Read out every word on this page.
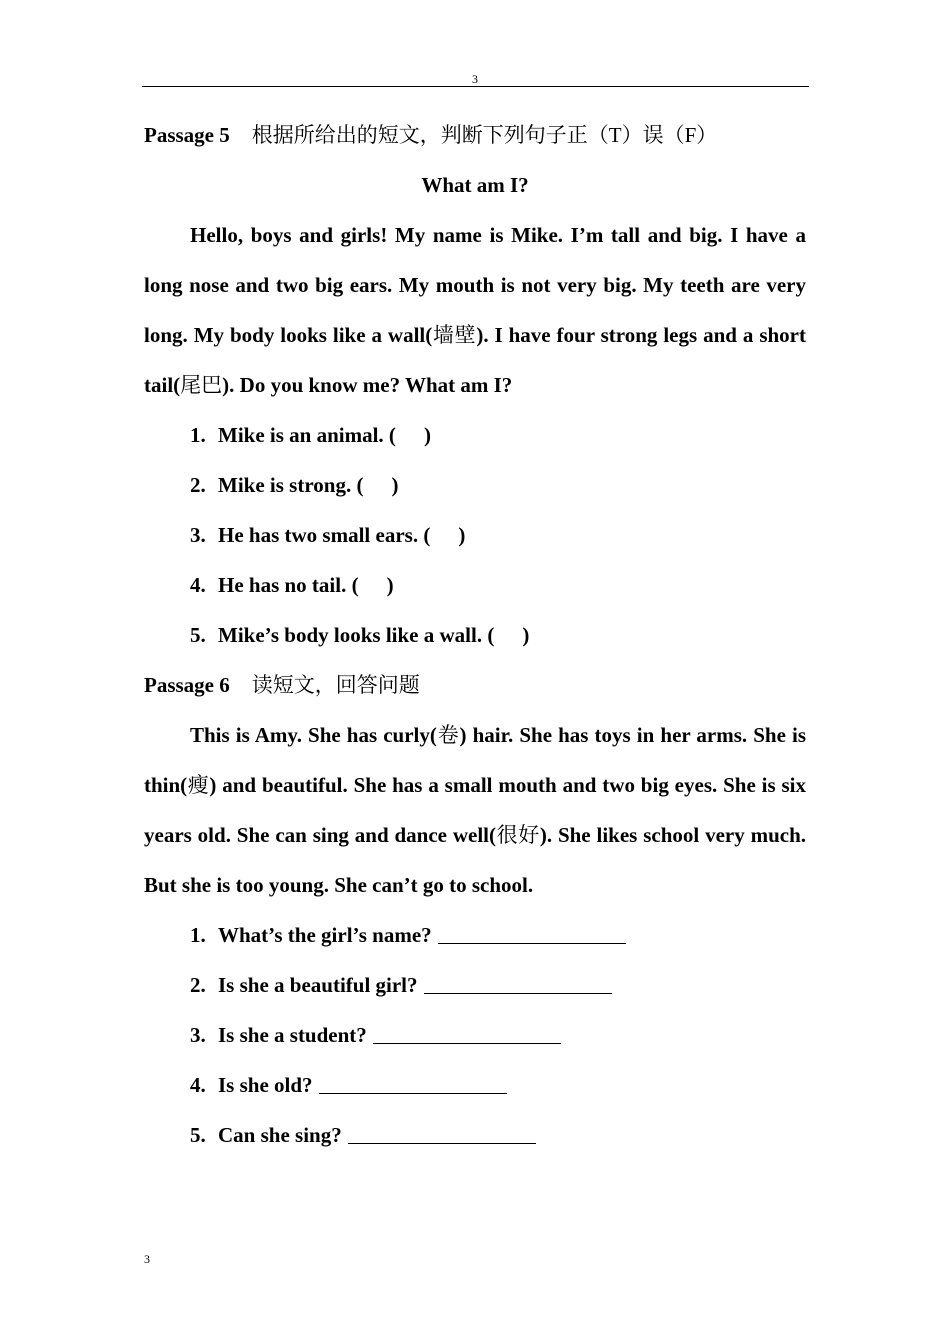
3
Passage 5 根据所给出的短文，判断下列句子正（T）误（F）
What am I?

Hello, boys and girls! My name is Mike. I’m tall and big. I have a long nose and two big ears. My mouth is not very big. My teeth are very long. My body looks like a wall(墙壁). I have four strong legs and a short tail(尾巴). Do you know me? What am I?

1. Mike is an animal. ( )
2. Mike is strong. ( )
3. He has two small ears. ( )
4. He has no tail. ( )
5. Mike’s body looks like a wall. ( )
Passage 6 读短文，回答问题

This is Amy. She has curly(卷) hair. She has toys in her arms. She is thin(瘦) and beautiful. She has a small mouth and two big eyes. She is six years old. She can sing and dance well(很好). She likes school very much. But she is too young. She can’t go to school.

1. What’s the girl’s name?
2. Is she a beautiful girl?
3. Is she a student?
4. Is she old?
5. Can she sing?
3
